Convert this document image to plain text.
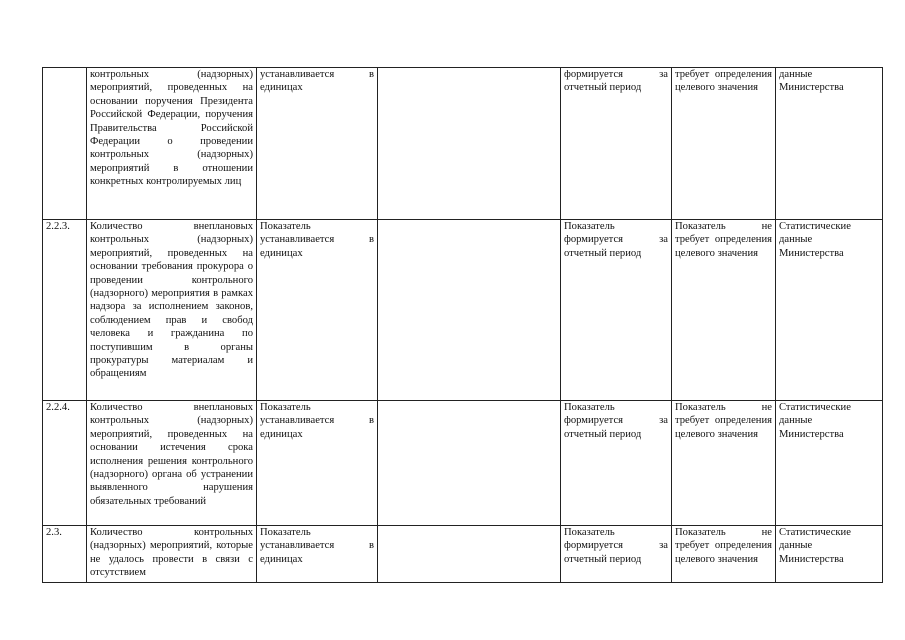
	контрольных (надзорных) мероприятий, проведенных на основании поручения Президента Российской Федерации, поручения Правительства Российской Федерации о проведении контрольных (надзорных) мероприятий в отношении конкретных контролируемых лиц	устанавливается в единицах		формируется за отчетный период	требует определения целевого значения	данные Министерства
2.2.3.	Количество внеплановых контрольных (надзорных) мероприятий, проведенных на основании требования прокурора о проведении контрольного (надзорного) мероприятия в рамках надзора за исполнением законов, соблюдением прав и свобод человека и гражданина по поступившим в органы прокуратуры материалам и обращениям	Показатель устанавливается в единицах		Показатель формируется за отчетный период	Показатель не требует определения целевого значения	Статистические данные Министерства
2.2.4.	Количество внеплановых контрольных (надзорных) мероприятий, проведенных на основании истечения срока исполнения решения контрольного (надзорного) органа об устранении выявленного нарушения обязательных требований	Показатель устанавливается в единицах		Показатель формируется за отчетный период	Показатель не требует определения целевого значения	Статистические данные Министерства
2.3.	Количество контрольных (надзорных) мероприятий, которые не удалось провести в связи с отсутствием	Показатель устанавливается в единицах		Показатель формируется за отчетный период	Показатель не требует определения целевого значения	Статистические данные Министерства
